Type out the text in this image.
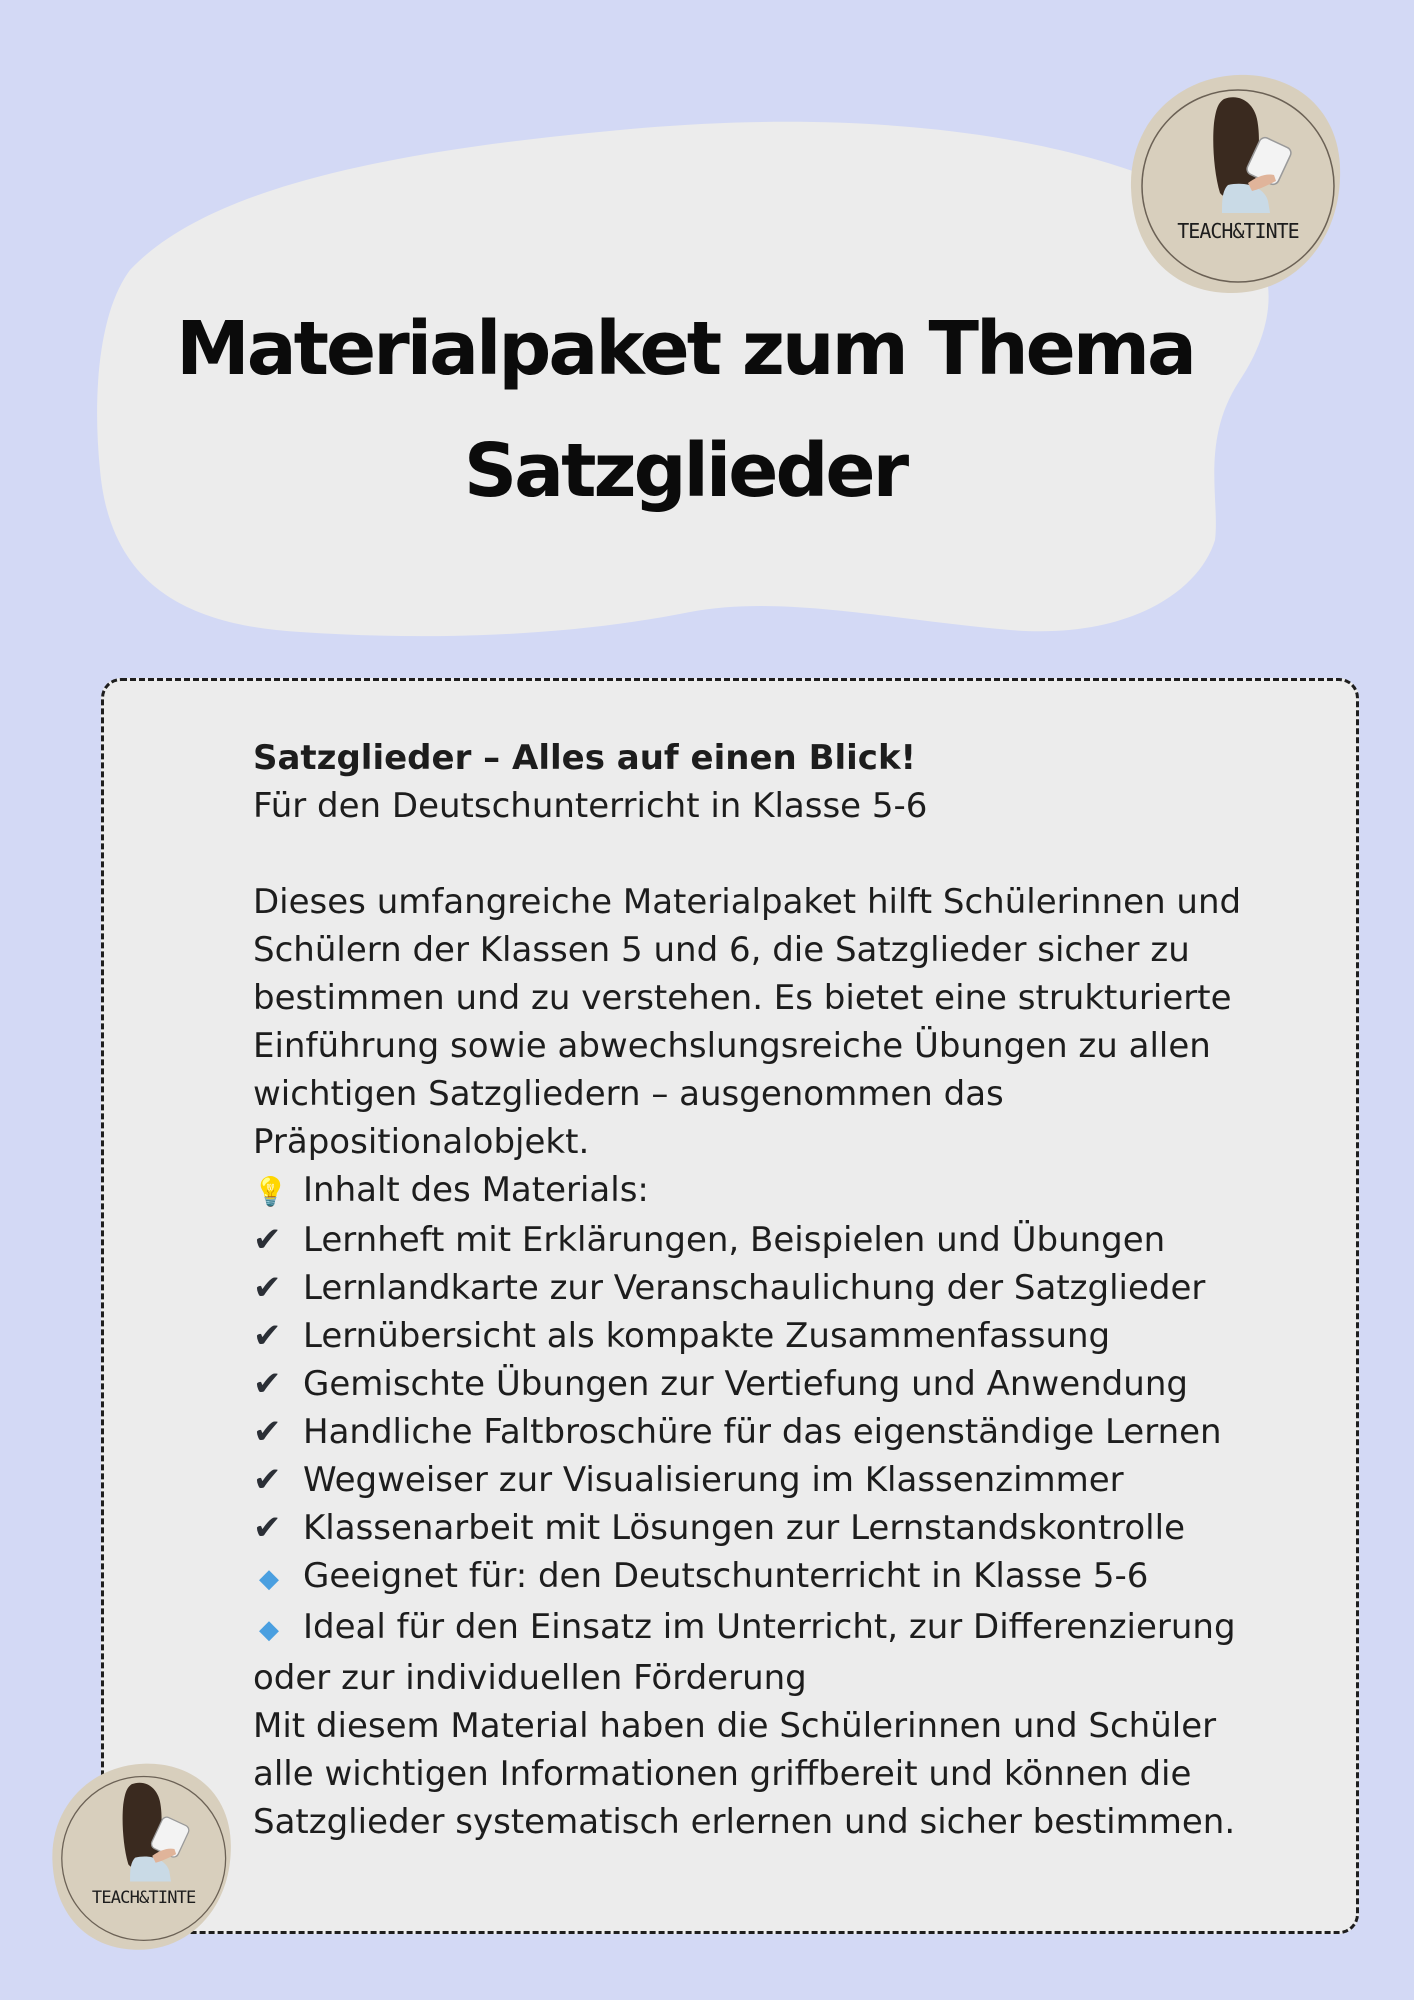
TEACH&TINTE
Materialpaket zum Thema
Satzglieder
Satzglieder – Alles auf einen Blick!
Für den Deutschunterricht in Klasse 5-6
Dieses umfangreiche Materialpaket hilft Schülerinnen und
Schülern der Klassen 5 und 6, die Satzglieder sicher zu
bestimmen und zu verstehen. Es bietet eine strukturierte
Einführung sowie abwechslungsreiche Übungen zu allen
wichtigen Satzgliedern – ausgenommen das
Präpositionalobjekt.
💡 Inhalt des Materials:
✔ Lernheft mit Erklärungen, Beispielen und Übungen
✔ Lernlandkarte zur Veranschaulichung der Satzglieder
✔ Lernübersicht als kompakte Zusammenfassung
✔ Gemischte Übungen zur Vertiefung und Anwendung
✔ Handliche Faltbroschüre für das eigenständige Lernen
✔ Wegweiser zur Visualisierung im Klassenzimmer
✔ Klassenarbeit mit Lösungen zur Lernstandskontrolle
◆ Geeignet für: den Deutschunterricht in Klasse 5-6
◆ Ideal für den Einsatz im Unterricht, zur Differenzierung
oder zur individuellen Förderung
Mit diesem Material haben die Schülerinnen und Schüler
alle wichtigen Informationen griffbereit und können die
Satzglieder systematisch erlernen und sicher bestimmen.
TEACH&TINTE
